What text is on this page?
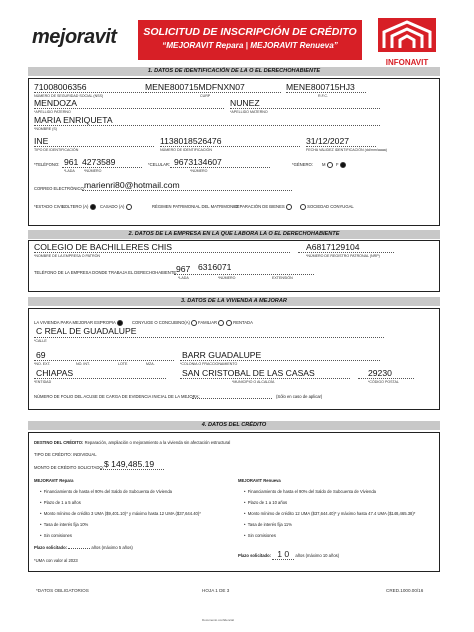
mejoravit	SOLICITUD DE INSCRIPCIÓN DE CRÉDITO
“MEJORAVIT Repara | MEJORAVIT Renueva”
INFONAVIT
1. DATOS DE IDENTIFICACIÓN DE LA O EL DERECHOHABIENTE
71008006356
NÚMERO DE SEGURIDAD SOCIAL (NSS)
MENE800715MDFNXN07
CURP
MENE800715HJ3
R.F.C.
MENDOZA
*APELLIDO PATERNO
NUNEZ
*APELLIDO MATERNO
MARIA ENRIQUETA
*NOMBRE (S)
INE
TIPO DE IDENTIFICACIÓN
1138018526476
NÚMERO DE IDENTIFICACIÓN
31/12/2027
FECHA VALIDEZ IDENTIFICACIÓN (dd/mm/aaaa)
*TELÉFONO: 961 4273589
*LADA	*NÚMERO
*CELULAR: 9673134607
*NÚMERO
*GÉNERO: M	F
CORREO ELECTRÓNICO: marienri80@hotmail.com
*ESTADO CIVIL:
SOLTERO (A)	CASADO (A)	RÉGIMEN PATRIMONIAL DEL MATRIMONIO:
SEPARACIÓN DE BIENES	SOCIEDAD CONYUGAL
2. DATOS DE LA EMPRESA EN LA QUE LABORA LA O EL DERECHOHABIENTE
COLEGIO DE BACHILLERES CHIS
*NOMBRE DE LA EMPRESA O PATRÓN
A6817129104
*NÚMERO DE REGISTRO PATRONAL (NRP)
TELÉFONO DE LA EMPRESA DONDE TRABAJA EL DERECHOHABIENTE:
967 6316071
*LADA	*NÚMERO	EXTENSIÓN
3. DATOS DE LA VIVIENDA A MEJORAR
LA VIVIENDA PARA MEJORAR ES: PROPIA	CONYUGE O CONCUBINO(A)	FAMILIAR	RENTADA
C REAL DE GUADALUPE
*CALLE
69
*NO. EXT.	NO. INT.	LOTE	MZA.
BARR GUADALUPE
*COLONIA O FRACCIONAMIENTO
CHIAPAS
*ENTIDAD
SAN CRISTOBAL DE LAS CASAS
*MUNICIPIO O ALCALDÍA
29230
*CÓDIGO POSTAL
NÚMERO DE FOLIO DEL ACUSE DE CARGA DE EVIDENCIA INICIAL DE LA MEJORA:	(Sólo en caso de aplicar)
4. DATOS DEL CRÉDITO
DESTINO DEL CRÉDITO: Reparación, ampliación o mejoramiento a la vivienda sin afectación estructural
TIPO DE CRÉDITO: INDIVIDUAL
MONTO DE CRÉDITO SOLICITADO: $ 149,485.19
MEJORAVIT Repara
•  Financiamiento de hasta el 90% del Saldo de Subcuenta de Vivienda
•  Plazo de 1 a 5 años
•  Monto mínimo de crédito 3 UMA ($9,401.10)* y máximo hasta 12 UMA ($37,644.40)*
•  Tasa de interés fija 10%
•  Sin comisiones
Plazo solicitado:	años (máximo 5 años)
*UMA con valor al 2023
MEJORAVIT Renueva
•  Financiamiento de hasta el 90% del Saldo de Subcuenta de Vivienda
•  Plazo de 1 a 10 años
•  Monto mínimo de crédito 12 UMA ($37,644.40)* y máximo hasta 47.4 UMA ($148,465.38)*
•  Tasa de interés fija 11%
•  Sin comisiones
Plazo solicitado: 1 0 años (máximo 10 años)
*DATOS OBLIGATORIOS	HOJA 1 DE 3	CRED.1000.00/16
Documento confidencial
